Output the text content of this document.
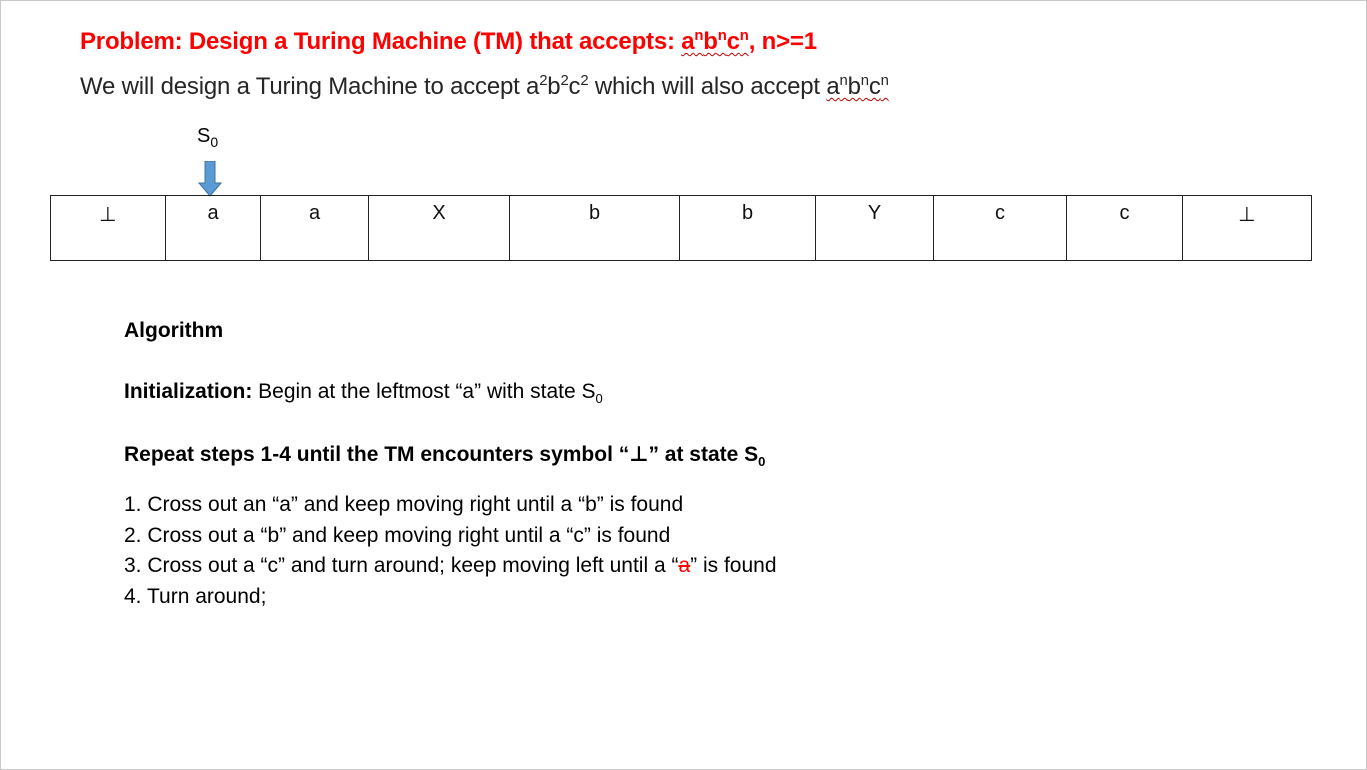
Problem: Design a Turing Machine (TM) that accepts: $a^nb^nc^n$, n>=1
We will design a Turing Machine to accept $a^2b^2c^2$ which will also accept $a^nb^nc^n$
$S_0$
⊥	a	a	X	b	b	Y	c	c	⊥
Algorithm
Initialization: Begin at the leftmost “a” with state $S_0$
Repeat steps 1-4 until the TM encounters symbol “⊥” at state $S_0$
1. Cross out an “a” and keep moving right until a “b” is found
2. Cross out a “b” and keep moving right until a “c” is found
3. Cross out a “c” and turn around; keep moving left until a “a” is found
4. Turn around;
